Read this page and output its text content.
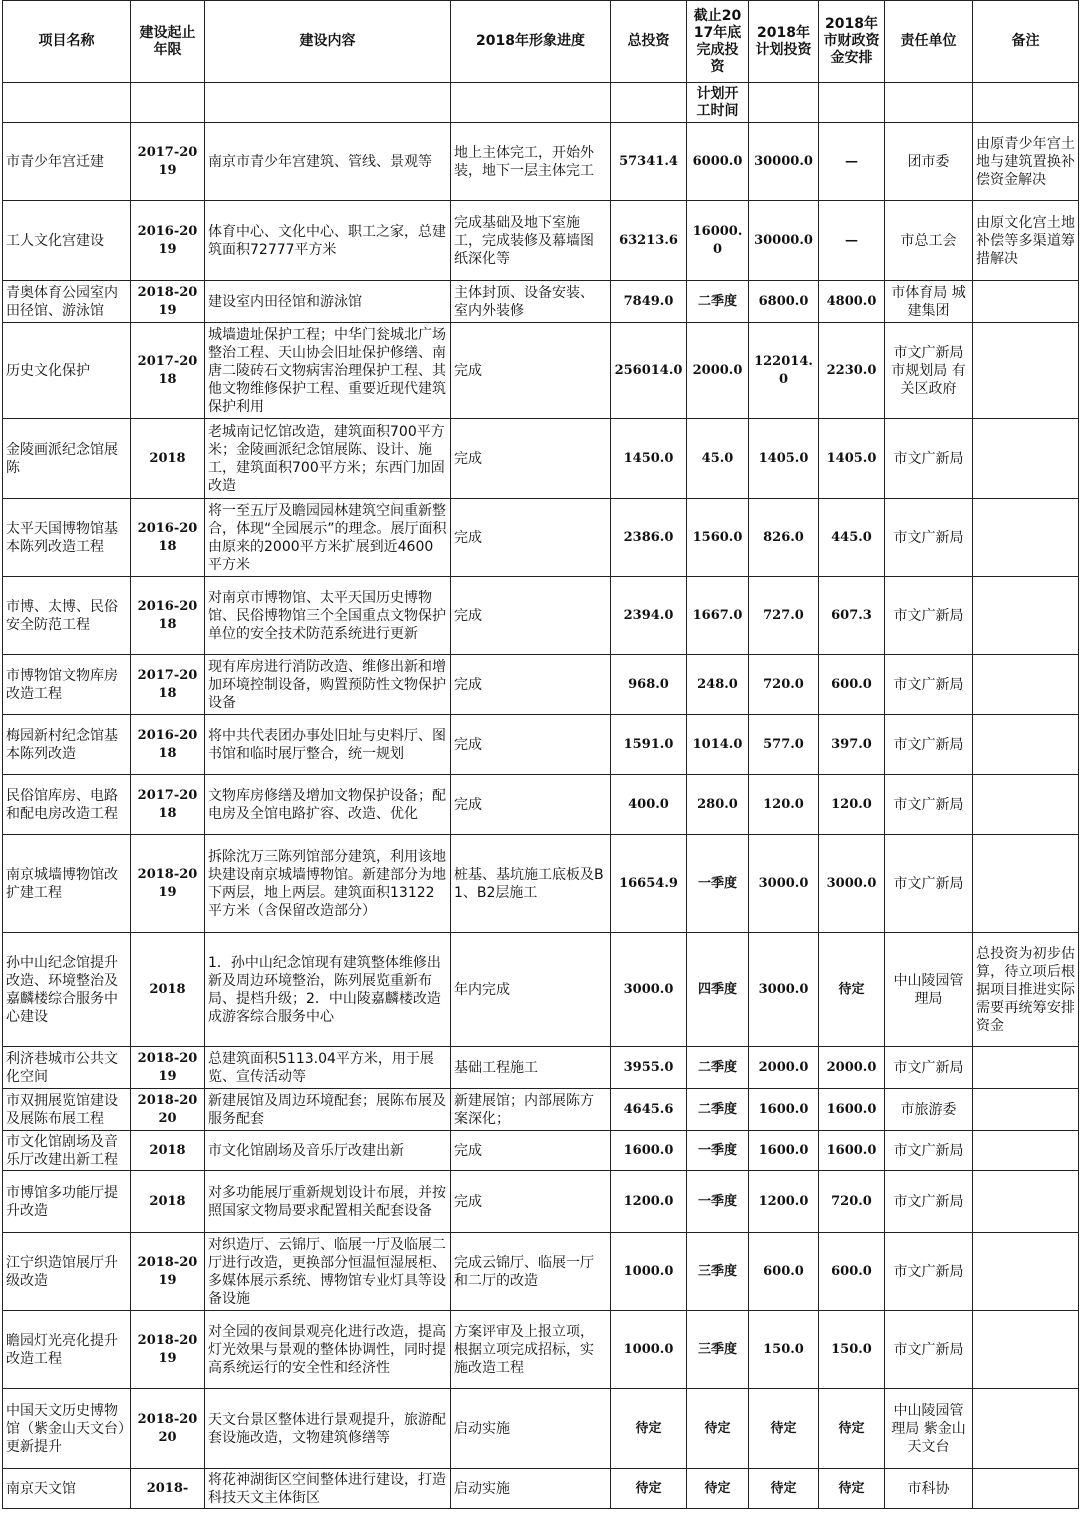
项目名称	建设起止年限	建设内容	2018年形象进度	总投资	截止2017年底完成投资	2018年计划投资	2018年市财政资金安排	责任单位	备注
					计划开工时间				
市青少年宫迁建	2017-2019	南京市青少年宫建筑、管线、景观等	地上主体完工，开始外装，地下一层主体完工	57341.4	6000.0	30000.0	—	团市委	由原青少年宫土地与建筑置换补偿资金解决
工人文化宫建设	2016-2019	体育中心、文化中心、职工之家，总建筑面积72777平方米	完成基础及地下室施工，完成装修及幕墙图纸深化等	63213.6	16000.0	30000.0	—	市总工会	由原文化宫土地补偿等多渠道筹措解决
青奥体育公园室内田径馆、游泳馆	2018-2019	建设室内田径馆和游泳馆	主体封顶、设备安装、室内外装修	7849.0	二季度	6800.0	4800.0	市体育局 城建集团	
历史文化保护	2017-2018	城墙遗址保护工程；中华门瓮城北广场整治工程、天山协会旧址保护修缮、南唐二陵砖石文物病害治理保护工程、其他文物维修保护工程、重要近现代建筑保护利用	完成	256014.0	2000.0	122014.0	2230.0	市文广新局 市规划局 有关区政府	
金陵画派纪念馆展陈	2018	老城南记忆馆改造，建筑面积700平方米；金陵画派纪念馆展陈、设计、施工，建筑面积700平方米；东西门加固改造	完成	1450.0	45.0	1405.0	1405.0	市文广新局	
太平天国博物馆基本陈列改造工程	2016-2018	将一至五厅及瞻园园林建筑空间重新整合，体现“全园展示”的理念。展厅面积由原来的2000平方米扩展到近4600平方米	完成	2386.0	1560.0	826.0	445.0	市文广新局	
市博、太博、民俗安全防范工程	2016-2018	对南京市博物馆、太平天国历史博物馆、民俗博物馆三个全国重点文物保护单位的安全技术防范系统进行更新	完成	2394.0	1667.0	727.0	607.3	市文广新局	
市博物馆文物库房改造工程	2017-2018	现有库房进行消防改造、维修出新和增加环境控制设备，购置预防性文物保护设备	完成	968.0	248.0	720.0	600.0	市文广新局	
梅园新村纪念馆基本陈列改造	2016-2018	将中共代表团办事处旧址与史料厅、图书馆和临时展厅整合，统一规划	完成	1591.0	1014.0	577.0	397.0	市文广新局	
民俗馆库房、电路和配电房改造工程	2017-2018	文物库房修缮及增加文物保护设备；配电房及全馆电路扩容、改造、优化	完成	400.0	280.0	120.0	120.0	市文广新局	
南京城墙博物馆改扩建工程	2018-2019	拆除沈万三陈列馆部分建筑，利用该地块建设南京城墙博物馆。新建部分为地下两层，地上两层。建筑面积13122平方米（含保留改造部分）	桩基、基坑施工底板及B1、B2层施工	16654.9	一季度	3000.0	3000.0	市文广新局	
孙中山纪念馆提升改造、环境整治及嘉麟楼综合服务中心建设	2018	1．孙中山纪念馆现有建筑整体维修出新及周边环境整治，陈列展览重新布局、提档升级；2．中山陵嘉麟楼改造成游客综合服务中心	年内完成	3000.0	四季度	3000.0	待定	中山陵园管理局	总投资为初步估算，待立项后根据项目推进实际需要再统筹安排资金
利济巷城市公共文化空间	2018-2019	总建筑面积5113.04平方米，用于展览、宣传活动等	基础工程施工	3955.0	二季度	2000.0	2000.0	市文广新局	
市双拥展览馆建设及展陈布展工程	2018-2020	新建展馆及周边环境配套；展陈布展及服务配套	新建展馆；内部展陈方案深化；	4645.6	二季度	1600.0	1600.0	市旅游委	
市文化馆剧场及音乐厅改建出新工程	2018	市文化馆剧场及音乐厅改建出新	完成	1600.0	一季度	1600.0	1600.0	市文广新局	
市博馆多功能厅提升改造	2018	对多功能展厅重新规划设计布展，并按照国家文物局要求配置相关配套设备	完成	1200.0	一季度	1200.0	720.0	市文广新局	
江宁织造馆展厅升级改造	2018-2019	对织造厅、云锦厅、临展一厅及临展二厅进行改造，更换部分恒温恒湿展柜、多媒体展示系统、博物馆专业灯具等设备设施	完成云锦厅、临展一厅和二厅的改造	1000.0	三季度	600.0	600.0	市文广新局	
瞻园灯光亮化提升改造工程	2018-2019	对全园的夜间景观亮化进行改造，提高灯光效果与景观的整体协调性，同时提高系统运行的安全性和经济性	方案评审及上报立项，根据立项完成招标，实施改造工程	1000.0	三季度	150.0	150.0	市文广新局	
中国天文历史博物馆（紫金山天文台）更新提升	2018-2020	天文台景区整体进行景观提升，旅游配套设施改造，文物建筑修缮等	启动实施	待定	待定	待定	待定	中山陵园管理局 紫金山天文台	
南京天文馆	2018-	将花神湖街区空间整体进行建设，打造科技天文主体街区	启动实施	待定	待定	待定	待定	市科协	
